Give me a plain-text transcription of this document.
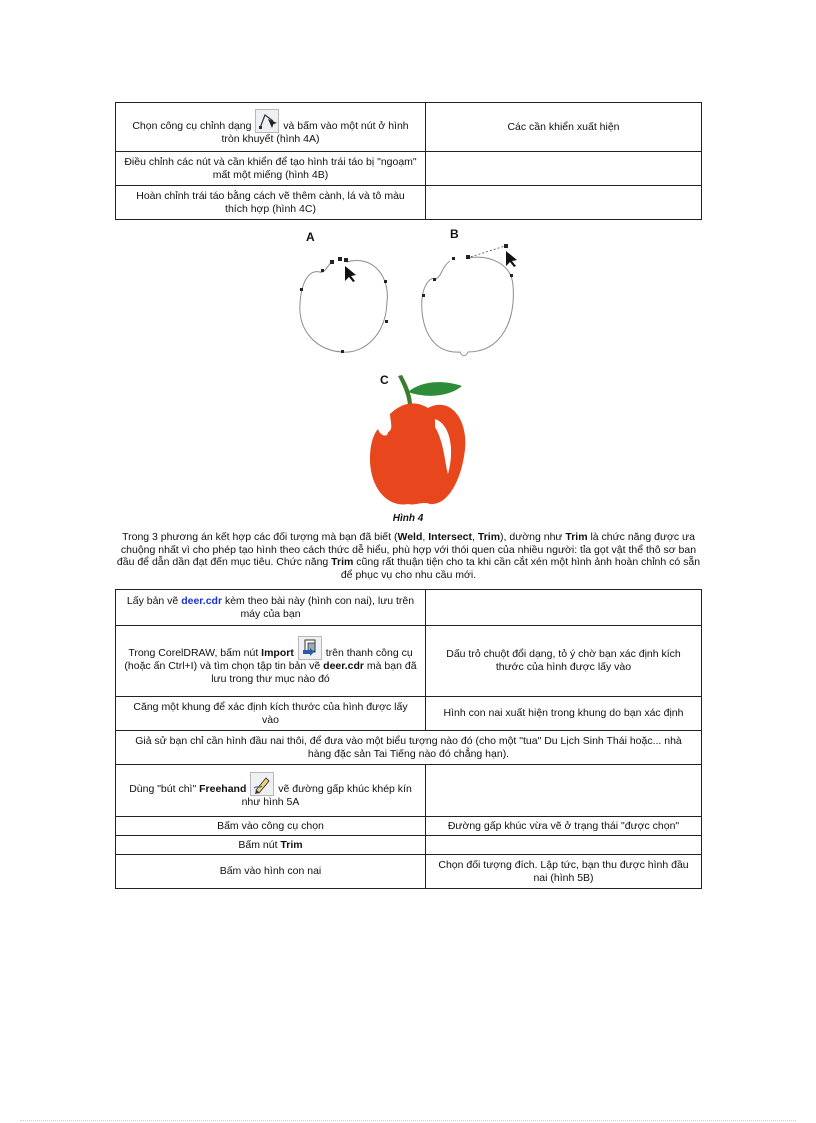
Chọn công cụ chỉnh dạng và bấm vào một nút ở hình tròn khuyết (hình 4A)	Các cần khiển xuất hiện
Điều chỉnh các nút và cần khiển để tạo hình trái táo bị "ngoạm" mất một miếng (hình 4B)	
Hoàn chỉnh trái táo bằng cách vẽ thêm cành, lá và tô màu thích hợp (hình 4C)	
A	B
C
Hình 4
Trong 3 phương án kết hợp các đối tượng mà bạn đã biết (Weld, Intersect, Trim), dường như Trim là chức năng được ưa chuộng nhất vì cho phép tạo hình theo cách thức dễ hiểu, phù hợp với thói quen của nhiều người: tỉa gọt vật thể thô sơ ban đầu để dẫn dần đạt đến mục tiêu. Chức năng Trim cũng rất thuận tiện cho ta khi cần cắt xén một hình ảnh hoàn chỉnh có sẵn để phục vụ cho nhu cầu mới.
Lấy bản vẽ deer.cdr kèm theo bài này (hình con nai), lưu trên máy của bạn	
Trong CorelDRAW, bấm nút Import trên thanh công cụ (hoặc ấn Ctrl+I) và tìm chọn tập tin bản vẽ deer.cdr mà bạn đã lưu trong thư mục nào đó	Dấu trỏ chuột đổi dạng, tỏ ý chờ bạn xác định kích thước của hình được lấy vào
Căng một khung để xác định kích thước của hình được lấy vào	Hình con nai xuất hiện trong khung do bạn xác định
Giả sử bạn chỉ cần hình đầu nai thôi, để đưa vào một biểu tượng nào đó (cho một "tua" Du Lịch Sinh Thái hoặc... nhà hàng đặc sản Tai Tiếng nào đó chẳng hạn).	
Dùng "bút chì" Freehand vẽ đường gấp khúc khép kín như hình 5A	
Bấm vào công cụ chọn	Đường gấp khúc vừa vẽ ở trạng thái "được chọn"
Bấm nút Trim	
Bấm vào hình con nai	Chọn đối tượng đích. Lập tức, bạn thu được hình đầu nai (hình 5B)
